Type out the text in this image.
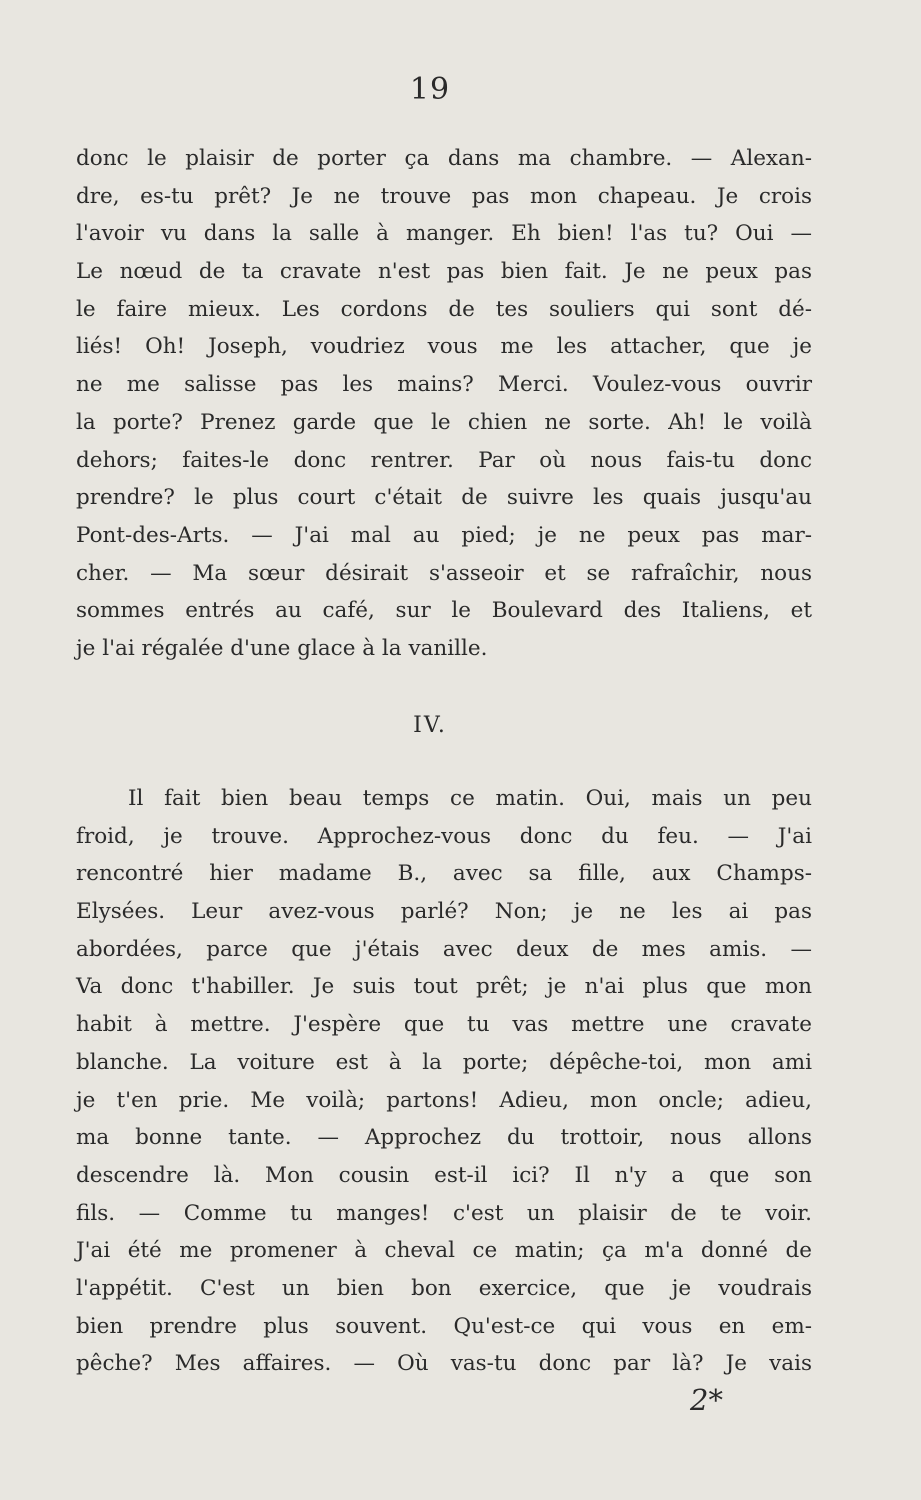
19
donc le plaisir de porter ça dans ma chambre. — Alexan-
dre, es-tu prêt? Je ne trouve pas mon chapeau. Je crois
l'avoir vu dans la salle à manger. Eh bien! l'as tu? Oui —
Le nœud de ta cravate n'est pas bien fait. Je ne peux pas
le faire mieux. Les cordons de tes souliers qui sont dé-
liés! Oh! Joseph, voudriez vous me les attacher, que je
ne me salisse pas les mains? Merci. Voulez-vous ouvrir
la porte? Prenez garde que le chien ne sorte. Ah! le voilà
dehors; faites-le donc rentrer. Par où nous fais-tu donc
prendre? le plus court c'était de suivre les quais jusqu'au
Pont-des-Arts. — J'ai mal au pied; je ne peux pas mar-
cher. — Ma sœur désirait s'asseoir et se rafraîchir, nous
sommes entrés au café, sur le Boulevard des Italiens, et
je l'ai régalée d'une glace à la vanille.
IV.
Il fait bien beau temps ce matin. Oui, mais un peu
froid, je trouve. Approchez-vous donc du feu. — J'ai
rencontré hier madame B., avec sa fille, aux Champs-
Elysées. Leur avez-vous parlé? Non; je ne les ai pas
abordées, parce que j'étais avec deux de mes amis. —
Va donc t'habiller. Je suis tout prêt; je n'ai plus que mon
habit à mettre. J'espère que tu vas mettre une cravate
blanche. La voiture est à la porte; dépêche-toi, mon ami
je t'en prie. Me voilà; partons! Adieu, mon oncle; adieu,
ma bonne tante. — Approchez du trottoir, nous allons
descendre là. Mon cousin est-il ici? Il n'y a que son
fils. — Comme tu manges! c'est un plaisir de te voir.
J'ai été me promener à cheval ce matin; ça m'a donné de
l'appétit. C'est un bien bon exercice, que je voudrais
bien prendre plus souvent. Qu'est-ce qui vous en em-
pêche? Mes affaires. — Où vas-tu donc par là? Je vais
2*
